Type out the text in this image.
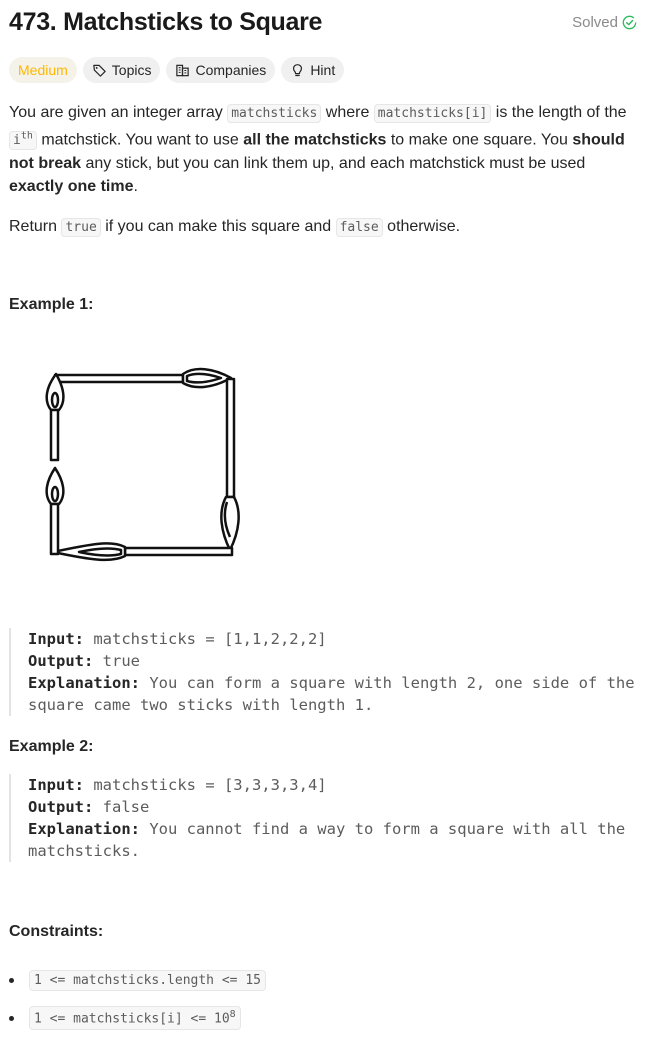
473. Matchsticks to Square	Solved
Medium	Topics	Companies	Hint

You are given an integer array matchsticks where matchsticks[i] is the length of the $i^{th}$ matchstick. You want to use all the matchsticks to make one square. You should not break any stick, but you can link them up, and each matchstick must be used exactly one time.

Return true if you can make this square and false otherwise.

Example 1:
Input: matchsticks = [1,1,2,2,2]
Output: true
Explanation: You can form a square with length 2, one side of the square came two sticks with length 1.
Example 2:
Input: matchsticks = [3,3,3,3,4]
Output: false
Explanation: You cannot find a way to form a square with all the matchsticks.
Constraints:
1 <= matchsticks.length <= 15
1 <= matchsticks[i] <= $10^8$
